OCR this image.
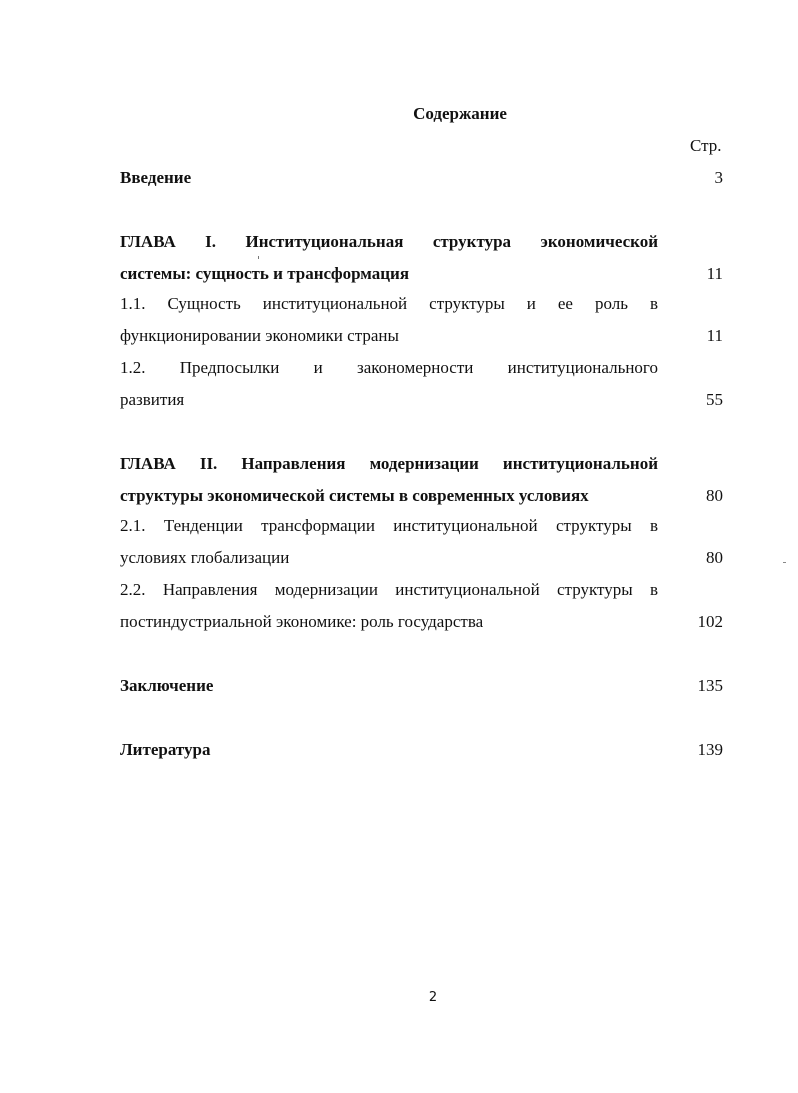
Содержание
Стр.
Введение	3
ГЛАВА I. Институциональная структура экономической
системы: сущность и трансформация	11
1.1. Сущность институциональной структуры и ее роль в
функционировании экономики страны	11
1.2. Предпосылки и закономерности институционального
развития	55
ГЛАВА II. Направления модернизации институциональной
структуры экономической системы в современных условиях	80
2.1. Тенденции трансформации институциональной структуры в
условиях глобализации	80
2.2. Направления модернизации институциональной структуры в
постиндустриальной экономике: роль государства	102
Заключение	135
Литература	139
2
